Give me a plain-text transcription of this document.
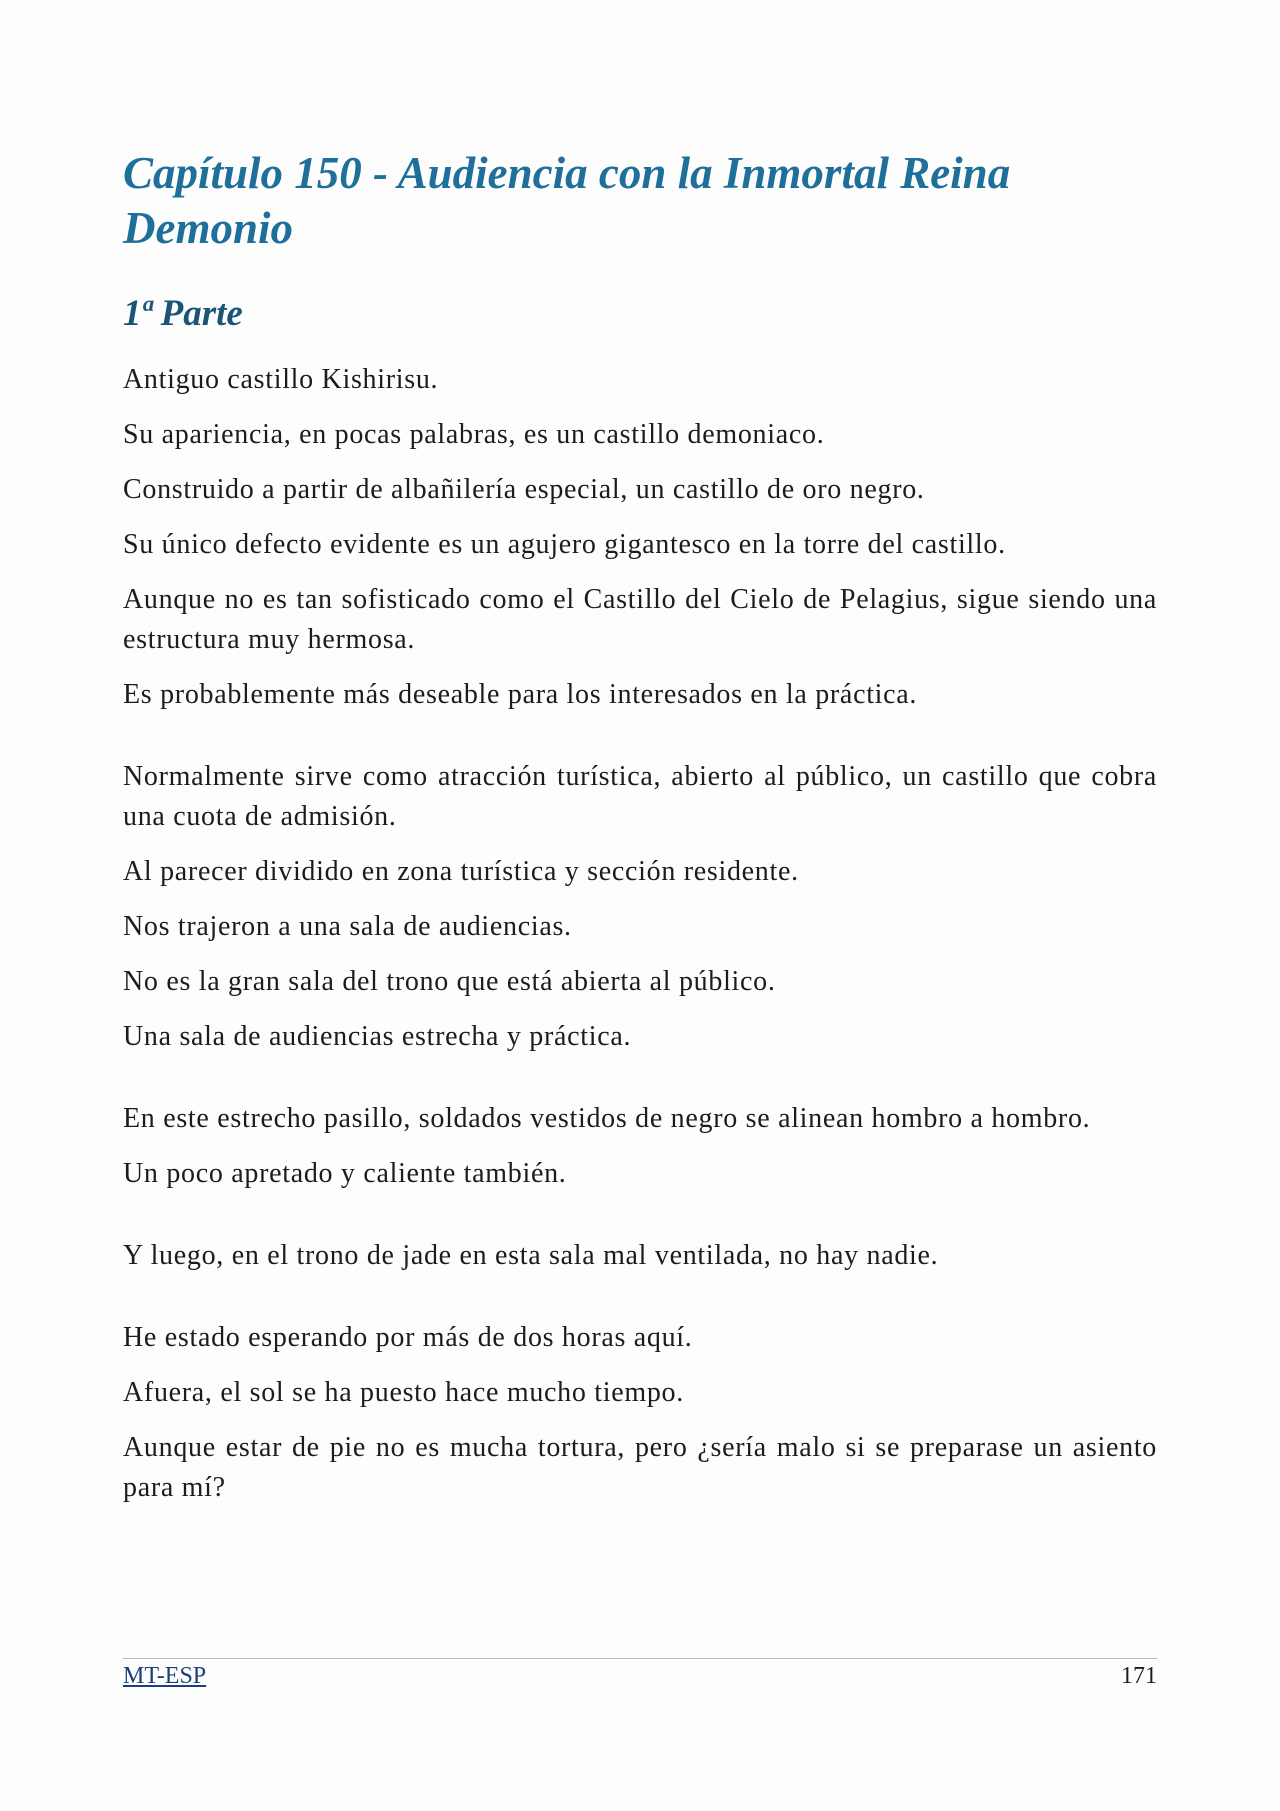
Capítulo 150 - Audiencia con la Inmortal Reina Demonio
1ª Parte

Antiguo castillo Kishirisu.

Su apariencia, en pocas palabras, es un castillo demoniaco.

Construido a partir de albañilería especial, un castillo de oro negro.

Su único defecto evidente es un agujero gigantesco en la torre del castillo.

Aunque no es tan sofisticado como el Castillo del Cielo de Pelagius, sigue siendo una estructura muy hermosa.

Es probablemente más deseable para los interesados en la práctica.

Normalmente sirve como atracción turística, abierto al público, un castillo que cobra una cuota de admisión.

Al parecer dividido en zona turística y sección residente.

Nos trajeron a una sala de audiencias.

No es la gran sala del trono que está abierta al público.

Una sala de audiencias estrecha y práctica.

En este estrecho pasillo, soldados vestidos de negro se alinean hombro a hombro.

Un poco apretado y caliente también.

Y luego, en el trono de jade en esta sala mal ventilada, no hay nadie.

He estado esperando por más de dos horas aquí.

Afuera, el sol se ha puesto hace mucho tiempo.

Aunque estar de pie no es mucha tortura, pero ¿sería malo si se preparase un asiento para mí?

MT-ESP	171
